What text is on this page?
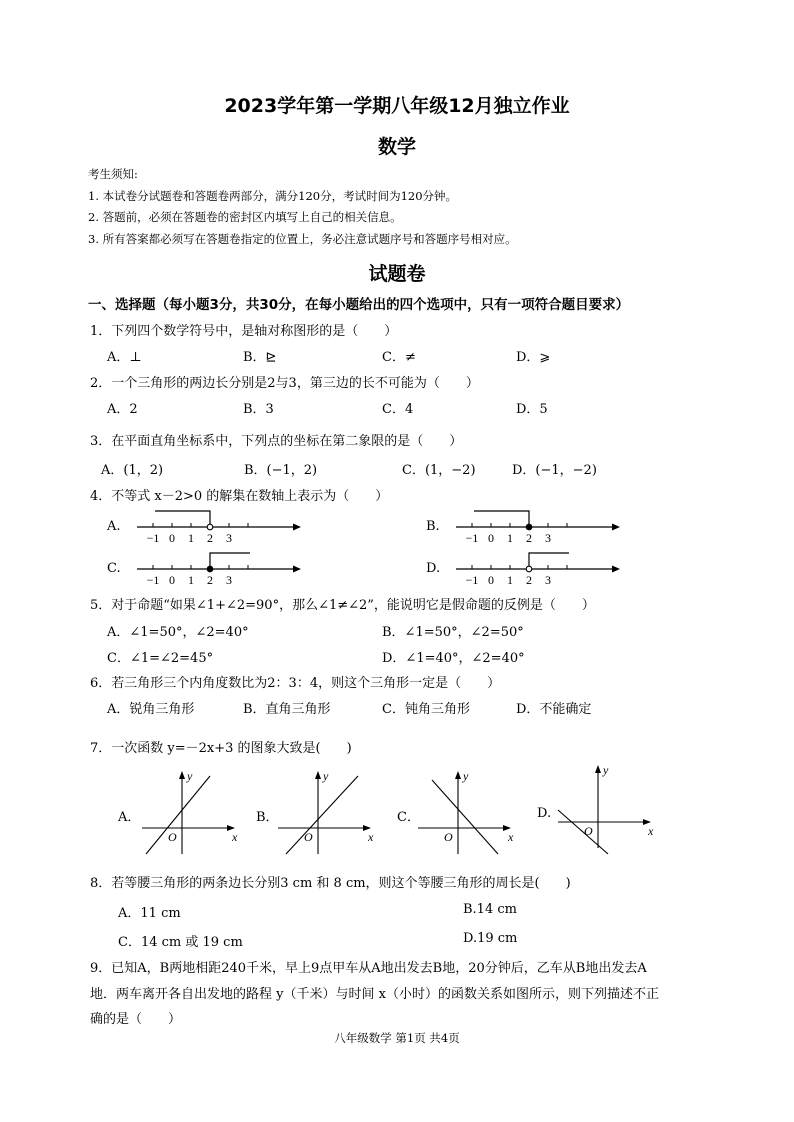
2023学年第一学期八年级12月独立作业
数学
考生须知:
1. 本试卷分试题卷和答题卷两部分，满分120分，考试时间为120分钟。
2. 答题前，必须在答题卷的密封区内填写上自己的相关信息。
3. 所有答案都必须写在答题卷指定的位置上，务必注意试题序号和答题序号相对应。
试题卷
一、选择题（每小题3分，共30分，在每小题给出的四个选项中，只有一项符合题目要求）
1．下列四个数学符号中，是轴对称图形的是（　　）
A．⊥	B．⊵	C．≠	D．⩾
2．一个三角形的两边长分别是2与3，第三边的长不可能为（　　）
A．2	B．3	C．4	D．5
3．在平面直角坐标系中，下列点的坐标在第二象限的是（　　）
A．(1，2)	B．(−1，2)	C．(1，−2)	D．(−1，−2)
4．不等式 x－2>0 的解集在数轴上表示为（　　）
A.	B.
C.	D.
−1 0 1 2 3	−1 0 1 2 3
−1 0 1 2 3	−1 0 1 2 3
x
y
O	x
y
O	x
y
O	x
y
O
5．对于命题“如果∠1+∠2=90°，那么∠1≠∠2”，能说明它是假命题的反例是（　　）
A．∠1=50°，∠2=40°	B．∠1=50°，∠2=50°
C．∠1=∠2=45°	D．∠1=40°，∠2=40°
6．若三角形三个内角度数比为2：3：4，则这个三角形一定是（　　）
A．锐角三角形	B．直角三角形	C．钝角三角形	D．不能确定
7．一次函数 y=－2x+3 的图象大致是(　　)
A．	B．	C．	D.
8．若等腰三角形的两条边长分别3 cm 和 8 cm，则这个等腰三角形的周长是(　　)
A．11 cm	B.14 cm
C．14 cm 或 19 cm	D.19 cm
9．已知A，B两地相距240千米，早上9点甲车从A地出发去B地，20分钟后，乙车从B地出发去A
地．两车离开各自出发地的路程 y（千米）与时间 x（小时）的函数关系如图所示，则下列描述不正
确的是（　　）
八年级数学 第1页 共4页
